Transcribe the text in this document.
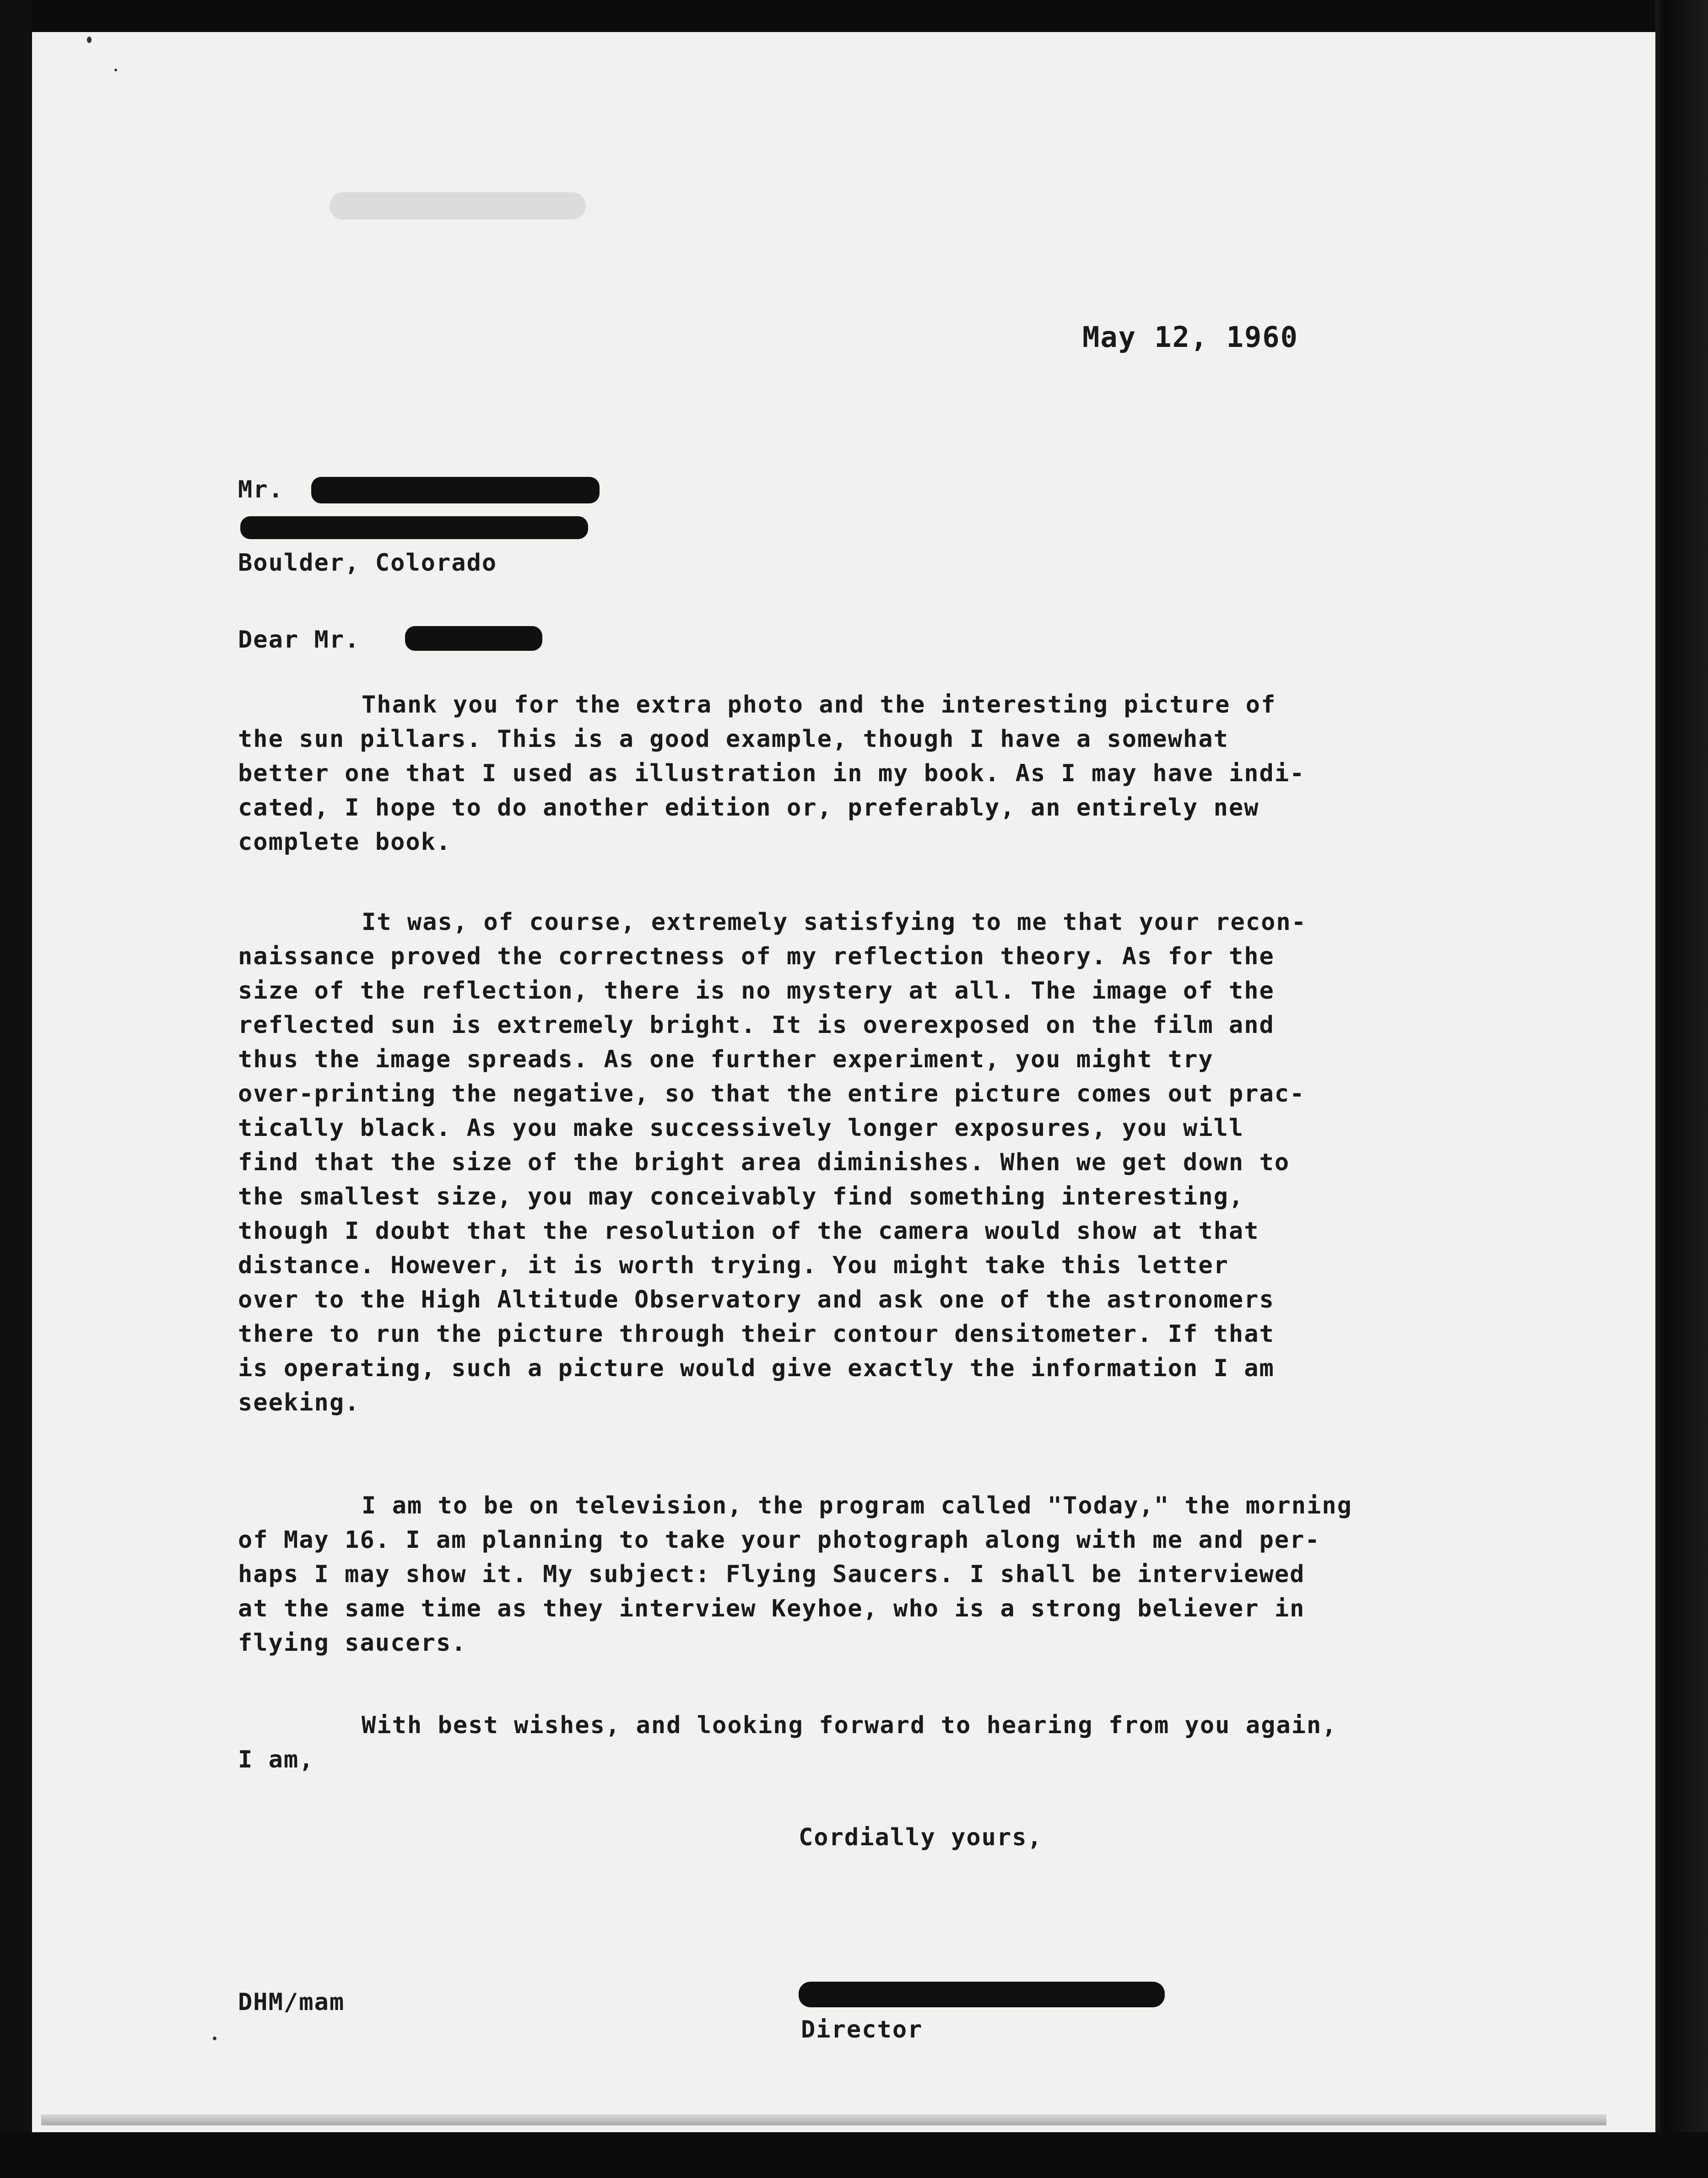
May 12, 1960
Mr.
Boulder, Colorado
Dear Mr.
Thank you for the extra photo and the interesting picture of
the sun pillars. This is a good example, though I have a somewhat
better one that I used as illustration in my book. As I may have indi-
cated, I hope to do another edition or, preferably, an entirely new
complete book.
It was, of course, extremely satisfying to me that your recon-
naissance proved the correctness of my reflection theory. As for the
size of the reflection, there is no mystery at all. The image of the
reflected sun is extremely bright. It is overexposed on the film and
thus the image spreads. As one further experiment, you might try
over-printing the negative, so that the entire picture comes out prac-
tically black. As you make successively longer exposures, you will
find that the size of the bright area diminishes. When we get down to
the smallest size, you may conceivably find something interesting,
though I doubt that the resolution of the camera would show at that
distance. However, it is worth trying. You might take this letter
over to the High Altitude Observatory and ask one of the astronomers
there to run the picture through their contour densitometer. If that
is operating, such a picture would give exactly the information I am
seeking.
I am to be on television, the program called "Today," the morning
of May 16. I am planning to take your photograph along with me and per-
haps I may show it. My subject: Flying Saucers. I shall be interviewed
at the same time as they interview Keyhoe, who is a strong believer in
flying saucers.
With best wishes, and looking forward to hearing from you again,
I am,
Cordially yours,
Director
DHM/mam
